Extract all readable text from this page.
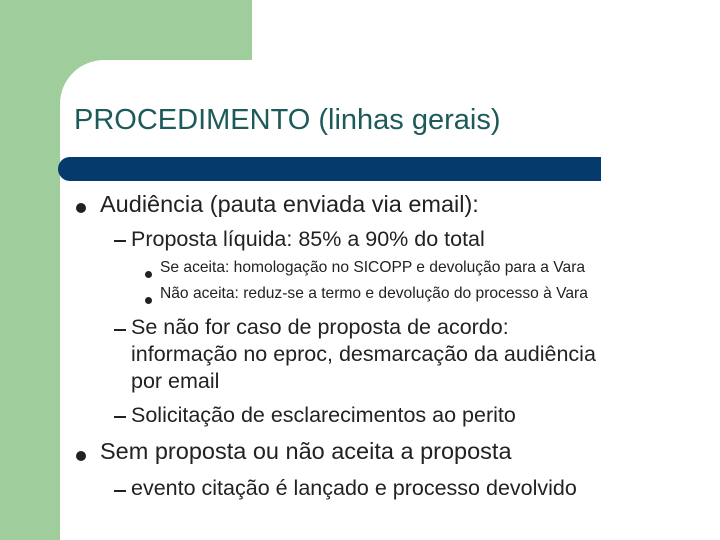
PROCEDIMENTO (linhas gerais)
Audiência (pauta enviada via email):
Proposta líquida: 85% a 90% do total
Se aceita: homologação no SICOPP e devolução para a Vara
Não aceita: reduz-se a termo e devolução do processo à Vara
Se não for caso de proposta de acordo:
informação no eproc, desmarcação da audiência
por email
Solicitação de esclarecimentos ao perito
Sem proposta ou não aceita a proposta
evento citação é lançado e processo devolvido
